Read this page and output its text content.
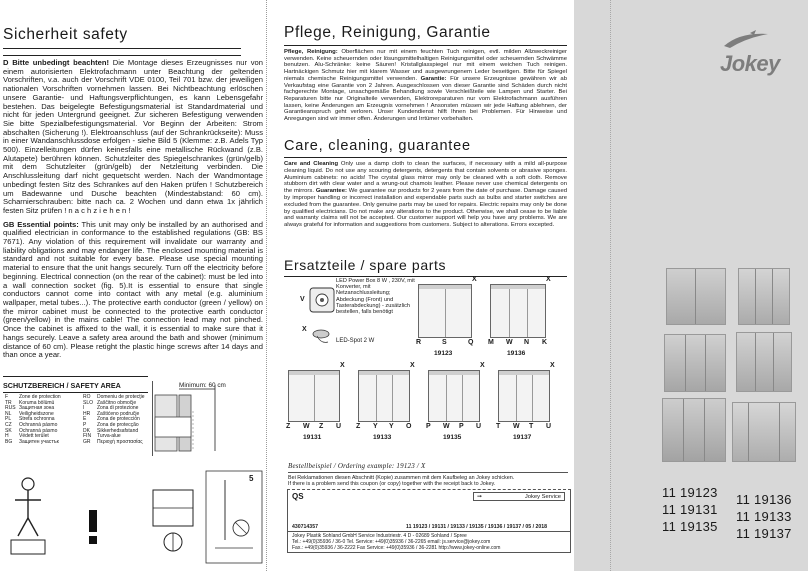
Sicherheit safety
D Bitte unbedingt beachten! Die Montage dieses Erzeugnisses nur von einem autorisierten Elektrofachmann unter Beachtung der geltenden Vorschriften, v.a. auch der Vorschrift VDE 0100, Teil 701 bzw. der jeweiligen nationalen Vorschriften vornehmen lassen. Bei Nichtbeachtung erlöschen unsere Garantie- und Haftungsverpflichtungen, es kann Lebensgefahr bestehen. Das beigelegte Befestigungsmaterial ist Standardmaterial und nicht für jeden Untergrund geeignet. Zur sicheren Befestigung verwenden Sie bitte Spezialbefestigungsmaterial. Vor Beginn der Arbeiten: Strom abschalten (Sicherung !). Elektroanschluss (auf der Schrankrückseite): Muss in einer Wandanschlussdose erfolgen - siehe Bild 5 (Klemme: z.B. Adels Typ 500). Einzelleitungen dürfen keinesfalls eine metallische Rückwand (z.B. Alutapete) berühren können. Schutzleiter des Spiegelschrankes (grün/gelb) mit dem Schutzleiter (grün/gelb) der Netzleitung verbinden. Die Anschlussleitung darf nicht gequetscht werden. Nach der Wandmontage unbedingt festen Sitz des Schrankes auf den Haken prüfen ! Schutzbereich um Badewanne und Dusche beachten (Mindestabstand: 60 cm). Scharnierschrauben: bitte nach ca. 2 Wochen und dann etwa 1x jährlich festen Sitz prüfen ! n a c h z i e h e n !
GB Essential points: This unit may only be installed by an authorised and qualified electrician in conformance to the established regulations (GB: BS 7671). Any violation of this requirement will invalidate our warranty and liability obligations and may endanger life. The enclosed mounting material is standard and not suitable for every base. Please use special mounting material to ensure that the unit hangs securely. Turn off the electricity before beginning. Electrical connection (on the rear of the cabinet): must be led into a wall connection socket (fig. 5).It is essential to ensure that single conductors cannot come into contact with any metal (e.g. aluminium wallpaper, metal tubes...). The protective earth conductor (green / yellow) on the mirror cabinet must be connected to the protective earth conductor (green/yellow) in the mains cable! The connection lead may not pinched. Once the cabinet is affixed to the wall, it is essential to make sure that it hangs securely. Leave a safety area around the bath and shower (minimum distance of 60 cm). Please retight the plastic hinge screws after 14 days and than once a year.
SCHUTZBEREICH / SAFETY AREA
F Zone de protection
TR Koruma bölümü
RUS Защитная зона
NL Veiligheidszone
PL Strefa ochronna
CZ Ochranná pásmo
SK Ochranná pásmo
H Védett terület
BG Защитен участък

RO Domeniu de protecţie
SLO Zaščitno območje
I	Zona di protezione
HR Zaštićeno područje
E Zona de protección
P Zona de protecção
DK Sikkerhedsafstand
FIN Turva-alue
GR Περιοχή προστασίας
Minimum: 60 cm
5
Pflege, Reinigung, Garantie
Pflege, Reinigung: Oberflächen nur mit einem feuchten Tuch reinigen, evtl. milden Allzweckreiniger verwenden. Keine scheuernden oder lösungsmittelhaltigen Reinigungsmittel oder scheuernden Schwämme benutzen. Alu-Schränke: keine Säuren! Kristallglasspiegel nur mit einem weichen Tuch reinigen. Hartnäckigen Schmutz hier mit klarem Wasser und ausgewrungenem Leder beseitigen. Bitte für Spiegel niemals chemische Reinigungsmittel verwenden. Garantie: Für unsere Erzeugnisse gewähren wir ab Verkaufstag eine Garantie von 2 Jahren. Ausgeschlossen von dieser Garantie sind Schäden durch nicht fachgerechte Montage, unsachgemäße Behandlung sowie Verschleißteile wie Lampen und Starter. Bei Reparaturen bitte nur Originalteile verwenden, Elektroreparaturen nur vom Elektrofachmann ausführen lassen, keine Änderungen am Erzeugnis vornehmen ! Ansonsten müssen wir jede Haftung ablehnen, der Garantieanspruch geht verloren. Unser Kundendienst hilft Ihnen bei Problemen. Für Hinweise und Anregungen sind wir immer offen. Änderungen und Irrtümer vorbehalten.
Care, cleaning, guarantee
Care and Cleaning Only use a damp cloth to clean the surfaces, if necessary with a mild all-purpose cleaning liquid. Do not use any scouring detergents, detergents that contain solvents or abrasive sponges. Aluminium cabinets: no acids! The crystal glass mirror may only be cleaned with a soft cloth. Remove stubborn dirt with clear water and a wrung-out chamois leather. Please never use chemical detergents on the mirrors. Guarantee: We guarantee our products for 2 years from the date of purchase. Damage caused by improper handling or incorrect installation and expendable parts such as bulbs and starter switches are excluded from the guarantee. Only genuine parts may be used for repairs. Electric repairs may only be done by qualified electricians. Do not make any alterations to the product. Otherwise, we shall cease to be liable and warranty claims will not be accepted. Our customer support will help you have any problems. We are always grateful for information and suggestions from customers. Subject to alterations. Errors excepted.
Ersatzteile / spare parts
V
X
LED Power Box 8 W , 230V, mit Konverter, mit Netzanschlussleitung; Abdeckung (Front) und Tasterabdeckung) - zusätzlich bestellen, falls benötigt
LED-Spot 2 W
X
R	S	Q
19123
X
M W N K
19136
X
Z W Z U
19131
X
Z Y Y O
19133
X
P W P U
19135
X
T W T U
19137
Bestellbeispiel / Ordering example: 19123 / X
Bei Reklamationen diesen Abschnitt (Kopie) zusammen mit dem Kaufbeleg an Jokey schicken.
If there is a problem send this coupon (or copy) together with the receipt back to Jokey.
QS	➞	Jokey Service
430714357	11 19123 / 19131 / 19133 / 19135 / 19136 / 19137 / 05 / 2018
Jokey Plastik Sohland GmbH Service Industriestr. 4 D - 02689 Sohland / Spree
Tel.: +49(0)35936 / 36-0 Tel. Service: +49(0)35936 / 36-2265 email: js.service@jokey.com
Fax.: +49(0)35936 / 36-2222 Fax Service: +49(0)35936 / 36-2281 http://www.jokey-online.com
Jokey
11 19123
11 19131
11 19135
11 19136
11 19133
11 19137
